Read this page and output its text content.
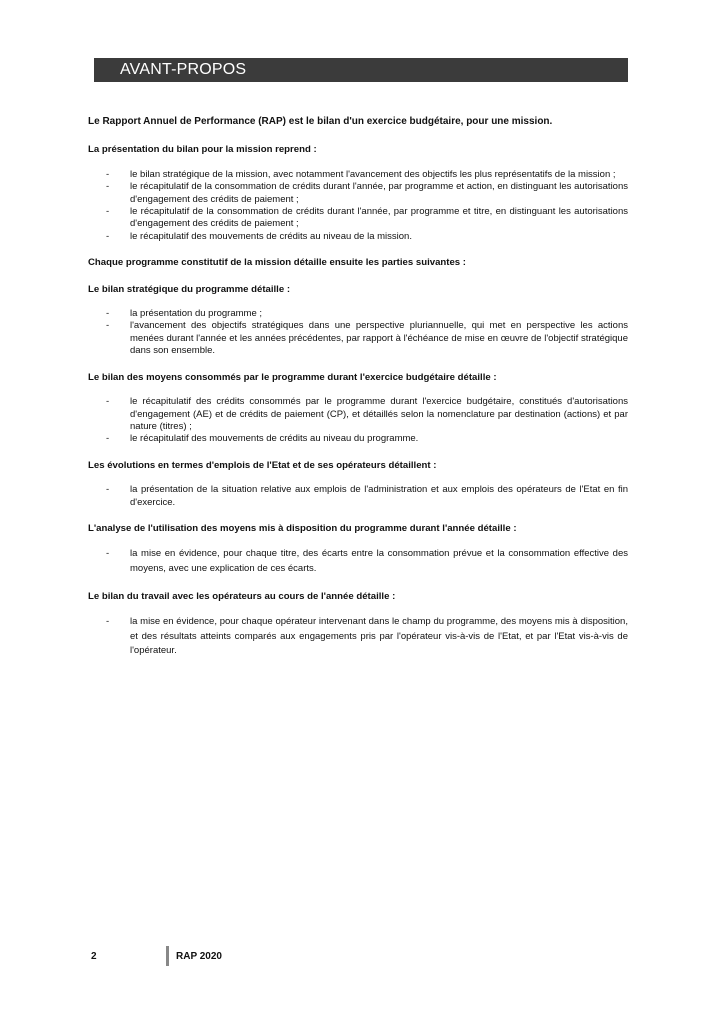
AVANT-PROPOS

Le Rapport Annuel de Performance (RAP) est le bilan d'un exercice budgétaire, pour une mission.

La présentation du bilan pour la mission reprend :

- le bilan stratégique de la mission, avec notamment l'avancement des objectifs les plus représentatifs de la mission ;
- le récapitulatif de la consommation de crédits durant l'année, par programme et action, en distinguant les autorisations d'engagement des crédits de paiement ;
- le récapitulatif de la consommation de crédits durant l'année, par programme et titre, en distinguant les autorisations d'engagement des crédits de paiement ;
- le récapitulatif des mouvements de crédits au niveau de la mission.

Chaque programme constitutif de la mission détaille ensuite les parties suivantes :

Le bilan stratégique du programme détaille :

- la présentation du programme ;
- l'avancement des objectifs stratégiques dans une perspective pluriannuelle, qui met en perspective les actions menées durant l'année et les années précédentes, par rapport à l'échéance de mise en œuvre de l'objectif stratégique dans son ensemble.

Le bilan des moyens consommés par le programme durant l'exercice budgétaire détaille :

- le récapitulatif des crédits consommés par le programme durant l'exercice budgétaire, constitués d'autorisations d'engagement (AE) et de crédits de paiement (CP), et détaillés selon la nomenclature par destination (actions) et par nature (titres) ;
- le récapitulatif des mouvements de crédits au niveau du programme.

Les évolutions en termes d'emplois de l'Etat et de ses opérateurs détaillent :

- la présentation de la situation relative aux emplois de l'administration et aux emplois des opérateurs de l'Etat en fin d'exercice.

L'analyse de l'utilisation des moyens mis à disposition du programme durant l'année détaille :

- la mise en évidence, pour chaque titre, des écarts entre la consommation prévue et la consommation effective des moyens, avec une explication de ces écarts.

Le bilan du travail avec les opérateurs au cours de l'année détaille :

- la mise en évidence, pour chaque opérateur intervenant dans le champ du programme, des moyens mis à disposition, et des résultats atteints comparés aux engagements pris par l'opérateur vis-à-vis de l'Etat, et par l'Etat vis-à-vis de l'opérateur.
2	RAP 2020
